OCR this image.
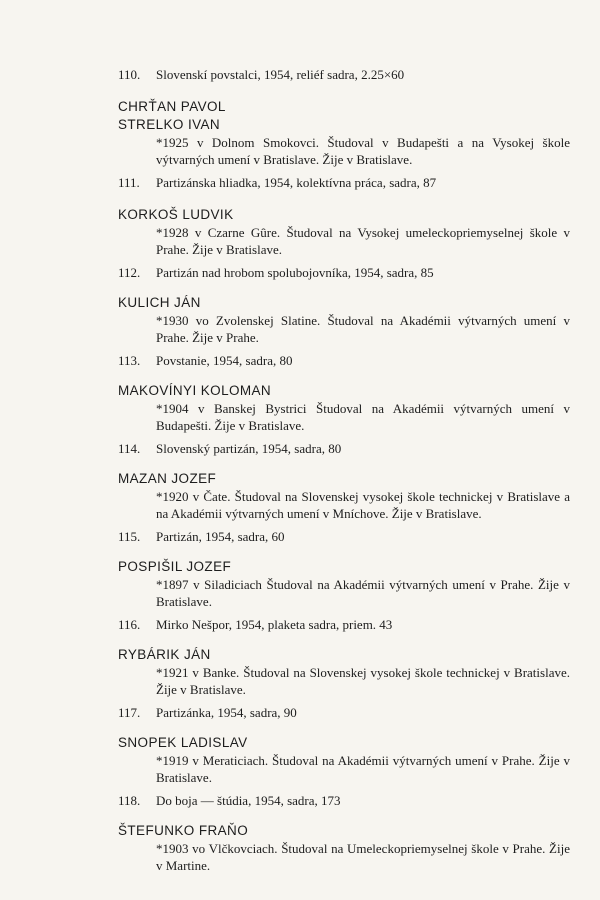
110.	Slovenskí povstalci, 1954, reliéf sadra, 2.25×60
CHRŤAN PAVOL
STRELKO IVAN
*1925 v Dolnom Smokovci. Študoval v Budapešti a na Vysokej škole výtvarných umení v Bratislave. Žije v Bratislave.
111.	Partizánska hliadka, 1954, kolektívna práca, sadra, 87
KORKOŠ LUDVIK
*1928 v Czarne Gûre. Študoval na Vysokej umeleckopriemyselnej škole v Prahe. Žije v Bratislave.
112.	Partizán nad hrobom spolubojovníka, 1954, sadra, 85
KULICH JÁN
*1930 vo Zvolenskej Slatine. Študoval na Akadémii výtvarných umení v Prahe. Žije v Prahe.
113.	Povstanie, 1954, sadra, 80
MAKOVÍNYI KOLOMAN
*1904 v Banskej Bystrici Študoval na Akadémii výtvarných umení v Budapešti. Žije v Bratislave.
114.	Slovenský partizán, 1954, sadra, 80
MAZAN JOZEF
*1920 v Čate. Študoval na Slovenskej vysokej škole technickej v Bratislave a na Akadémii výtvarných umení v Mníchove. Žije v Bratislave.
115.	Partizán, 1954, sadra, 60
POSPIŠIL JOZEF
*1897 v Siladiciach Študoval na Akadémii výtvarných umení v Prahe. Žije v Bratislave.
116.	Mirko Nešpor, 1954, plaketa sadra, priem. 43
RYBÁRIK JÁN
*1921 v Banke. Študoval na Slovenskej vysokej škole technickej v Bratislave. Žije v Bratislave.
117.	Partizánka, 1954, sadra, 90
SNOPEK LADISLAV
*1919 v Meraticiach. Študoval na Akadémii výtvarných umení v Prahe. Žije v Bratislave.
118.	Do boja — štúdia, 1954, sadra, 173
ŠTEFUNKO FRAŇO
*1903 vo Vlčkovciach. Študoval na Umeleckopriemyselnej škole v Prahe. Žije v Martine.
